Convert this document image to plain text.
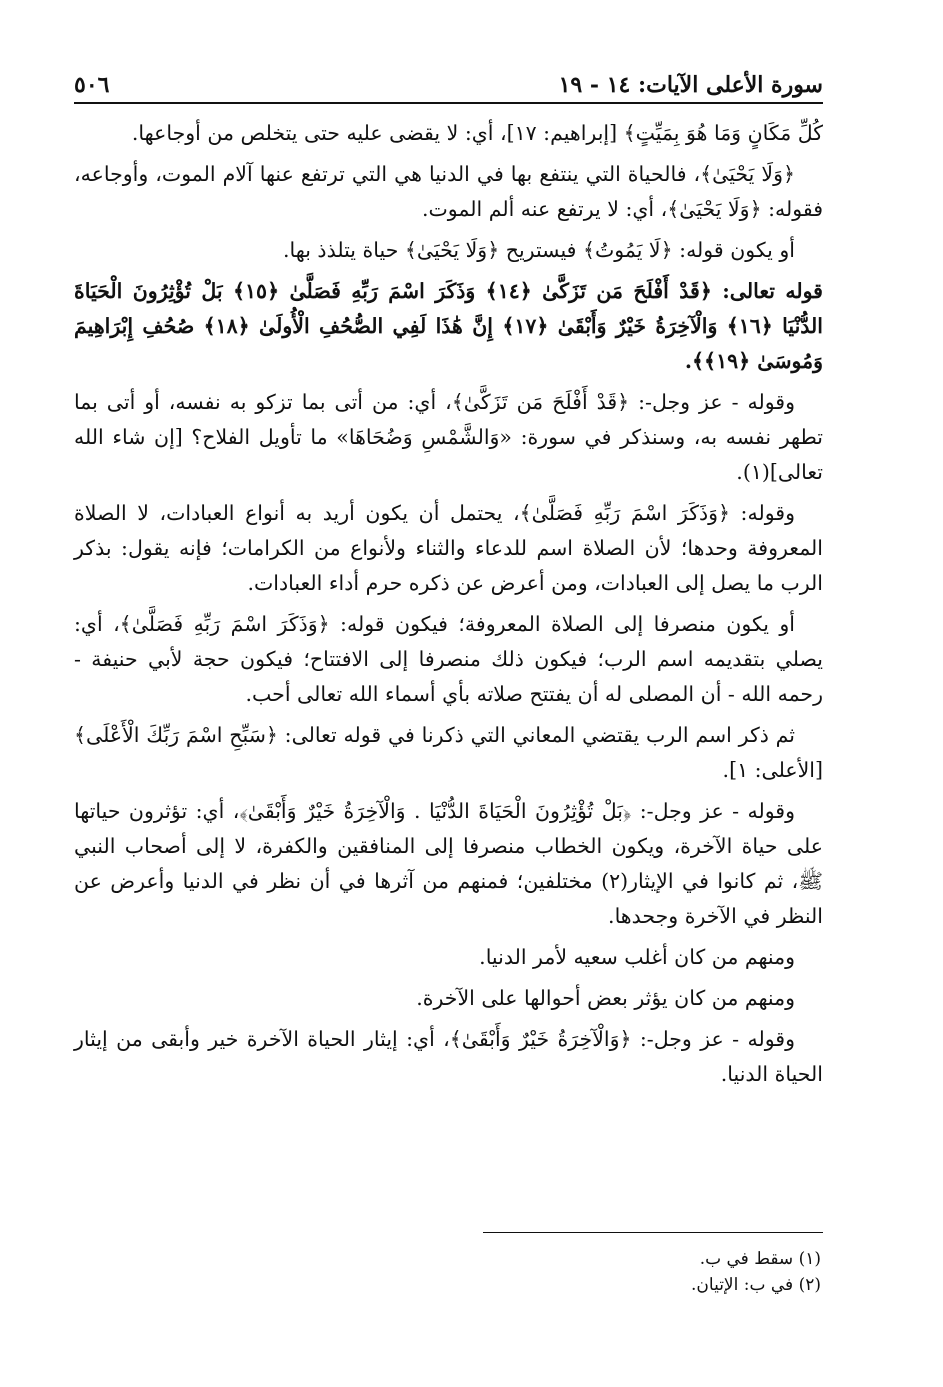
سورة الأعلى الآيات: ١٤ - ١٩
٥٠٦

كُلِّ مَكَانٍ وَمَا هُوَ بِمَيِّتٍ﴾ [إبراهيم: ١٧]، أي: لا يقضى عليه حتى يتخلص من أوجاعها.

﴿وَلَا يَحْيَىٰ﴾، فالحياة التي ينتفع بها في الدنيا هي التي ترتفع عنها آلام الموت، وأوجاعه، فقوله: ﴿وَلَا يَحْيَىٰ﴾، أي: لا يرتفع عنه ألم الموت.

أو يكون قوله: ﴿لَا يَمُوتُ﴾ فيستريح ﴿وَلَا يَحْيَىٰ﴾ حياة يتلذذ بها.

قوله تعالى: ﴿قَدْ أَفْلَحَ مَن تَزَكَّىٰ ﴿١٤﴾ وَذَكَرَ اسْمَ رَبِّهِ فَصَلَّىٰ ﴿١٥﴾ بَلْ تُؤْثِرُونَ الْحَيَاةَ الدُّنْيَا ﴿١٦﴾ وَالْآخِرَةُ خَيْرٌ وَأَبْقَىٰ ﴿١٧﴾ إِنَّ هَٰذَا لَفِي الصُّحُفِ الْأُولَىٰ ﴿١٨﴾ صُحُفِ إِبْرَاهِيمَ وَمُوسَىٰ ﴿١٩﴾﴾.

وقوله - عز وجل-: ﴿قَدْ أَفْلَحَ مَن تَزَكَّىٰ﴾، أي: من أتى بما تزكو به نفسه، أو أتى بما تطهر نفسه به، وسنذكر في سورة: «وَالشَّمْسِ وَضُحَاهَا» ما تأويل الفلاح؟ [إن شاء الله تعالى](١).

وقوله: ﴿وَذَكَرَ اسْمَ رَبِّهِ فَصَلَّىٰ﴾، يحتمل أن يكون أريد به أنواع العبادات، لا الصلاة المعروفة وحدها؛ لأن الصلاة اسم للدعاء والثناء ولأنواع من الكرامات؛ فإنه يقول: بذكر الرب ما يصل إلى العبادات، ومن أعرض عن ذكره حرم أداء العبادات.

أو يكون منصرفا إلى الصلاة المعروفة؛ فيكون قوله: ﴿وَذَكَرَ اسْمَ رَبِّهِ فَصَلَّىٰ﴾، أي: يصلي بتقديمه اسم الرب؛ فيكون ذلك منصرفا إلى الافتتاح؛ فيكون حجة لأبي حنيفة - رحمه الله - أن المصلى له أن يفتتح صلاته بأي أسماء الله تعالى أحب.

ثم ذكر اسم الرب يقتضي المعاني التي ذكرنا في قوله تعالى: ﴿سَبِّحِ اسْمَ رَبِّكَ الْأَعْلَى﴾ [الأعلى: ١].

وقوله - عز وجل-: ﴿بَلْ تُؤْثِرُونَ الْحَيَاةَ الدُّنْيَا . وَالْآخِرَةُ خَيْرٌ وَأَبْقَىٰ﴾، أي: تؤثرون حياتها على حياة الآخرة، ويكون الخطاب منصرفا إلى المنافقين والكفرة، لا إلى أصحاب النبي ﷺ، ثم كانوا في الإيثار(٢) مختلفين؛ فمنهم من آثرها في أن نظر في الدنيا وأعرض عن النظر في الآخرة وجحدها.

ومنهم من كان أغلب سعيه لأمر الدنيا.

ومنهم من كان يؤثر بعض أحوالها على الآخرة.

وقوله - عز وجل-: ﴿وَالْآخِرَةُ خَيْرٌ وَأَبْقَىٰ﴾، أي: إيثار الحياة الآخرة خير وأبقى من إيثار الحياة الدنيا.

(١) سقط في ب.
(٢) في ب: الإتيان.
